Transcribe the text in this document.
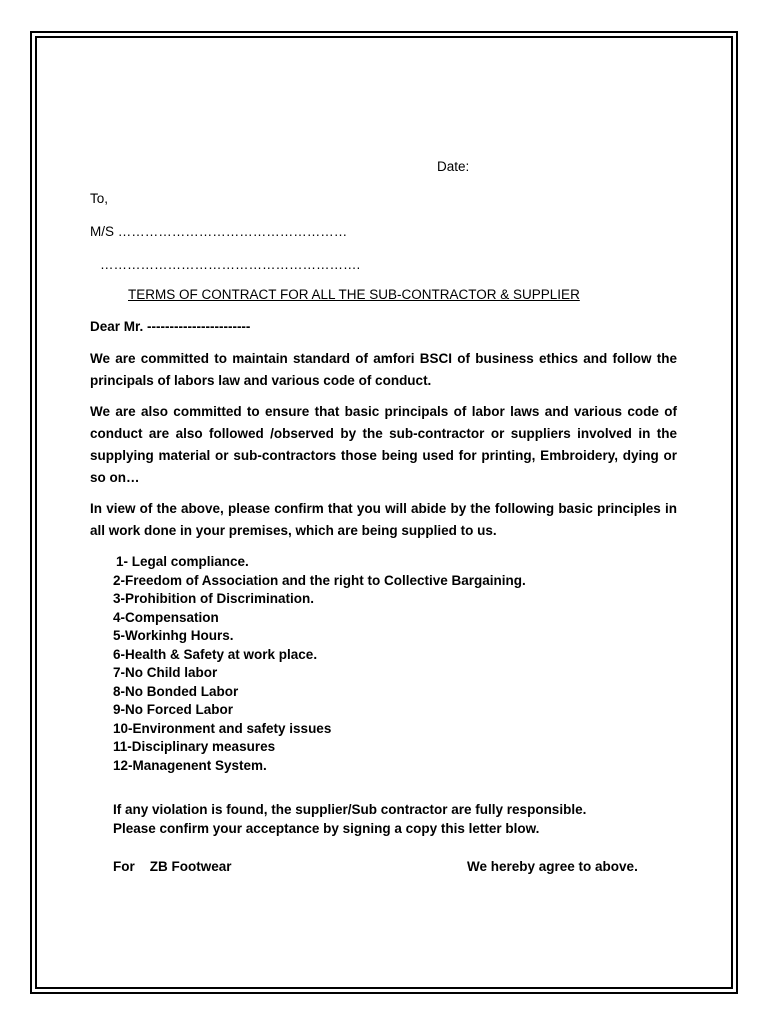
Date:
To,
M/S ……………………………………………
………………………………………………….
TERMS OF CONTRACT FOR ALL THE SUB-CONTRACTOR & SUPPLIER
Dear Mr. -----------------------
We are committed to maintain standard of amfori BSCI of business ethics and follow the principals of labors law and various code of conduct.
We are also committed to ensure that basic principals of labor laws and various code of conduct are also followed /observed by the sub-contractor or suppliers involved in the supplying material or sub-contractors those being used for printing, Embroidery, dying or so on…
In view of the above, please confirm that you will abide by the following basic principles in all work done in your premises, which are being supplied to us.
1- Legal compliance.
2-Freedom of Association and the right to Collective Bargaining.
3-Prohibition of Discrimination.
4-Compensation
5-Workinhg Hours.
6-Health & Safety at work place.
7-No Child labor
8-No Bonded Labor
9-No Forced Labor
10-Environment and safety issues
11-Disciplinary measures
12-Managenent System.
If any violation is found, the supplier/Sub contractor are fully responsible.
Please confirm your acceptance by signing a copy this letter blow.
For    ZB Footwear	We hereby agree to above.
